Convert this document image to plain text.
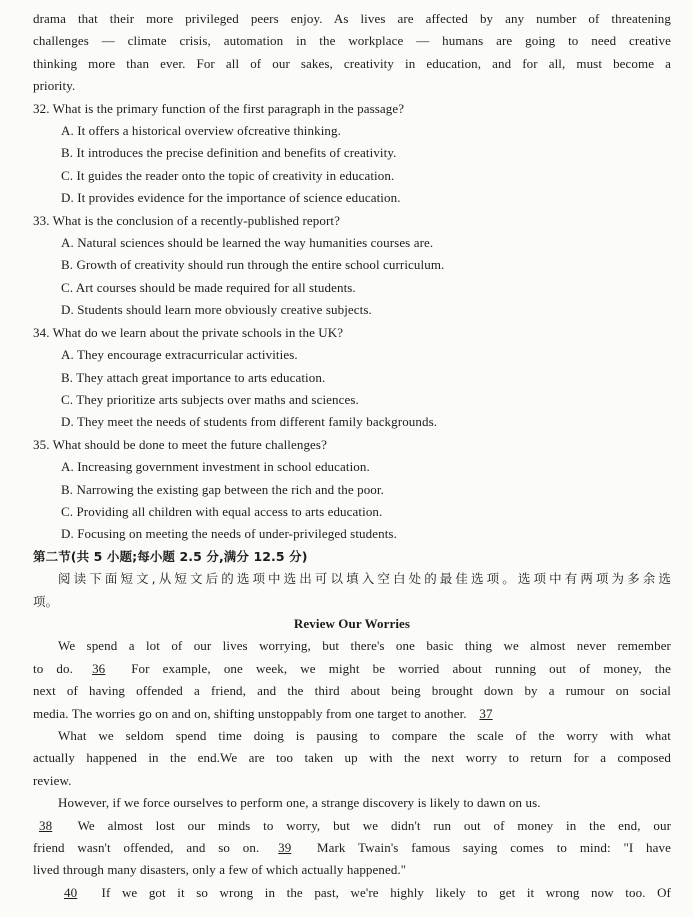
drama that their more privileged peers enjoy. As lives are affected by any number of threatening
challenges — climate crisis, automation in the workplace — humans are going to need creative
thinking more than ever. For all of our sakes, creativity in education, and for all, must become a
priority.
32. What is the primary function of the first paragraph in the passage?
A. It offers a historical overview ofcreative thinking.
B. It introduces the precise definition and benefits of creativity.
C. It guides the reader onto the topic of creativity in education.
D. It provides evidence for the importance of science education.
33. What is the conclusion of a recently-published report?
A. Natural sciences should be learned the way humanities courses are.
B. Growth of creativity should run through the entire school curriculum.
C. Art courses should be made required for all students.
D. Students should learn more obviously creative subjects.
34. What do we learn about the private schools in the UK?
A. They encourage extracurricular activities.
B. They attach great importance to arts education.
C. They prioritize arts subjects over maths and sciences.
D. They meet the needs of students from different family backgrounds.
35. What should be done to meet the future challenges?
A. Increasing government investment in school education.
B. Narrowing the existing gap between the rich and the poor.
C. Providing all children with equal access to arts education.
D. Focusing on meeting the needs of under-privileged students.
第二节(共 5 小题;每小题 2.5 分,满分 12.5 分)
阅读下面短文,从短文后的选项中选出可以填入空白处的最佳选项。选项中有两项为多余选
项。
Review Our Worries
We spend a lot of our lives worrying, but there's one basic thing we almost never remember
to do. 36 For example, one week, we might be worried about running out of money, the
next of having offended a friend, and the third about being brought down by a rumour on social
media. The worries go on and on, shifting unstoppably from one target to another. 37
What we seldom spend time doing is pausing to compare the scale of the worry with what
actually happened in the end.We are too taken up with the next worry to return for a composed
review.
However, if we force ourselves to perform one, a strange discovery is likely to dawn on us.
38 We almost lost our minds to worry, but we didn't run out of money in the end, our
friend wasn't offended, and so on. 39 Mark Twain's famous saying comes to mind: "I have
lived through many disasters, only a few of which actually happened."
40 If we got it so wrong in the past, we're highly likely to get it wrong now too. Of
